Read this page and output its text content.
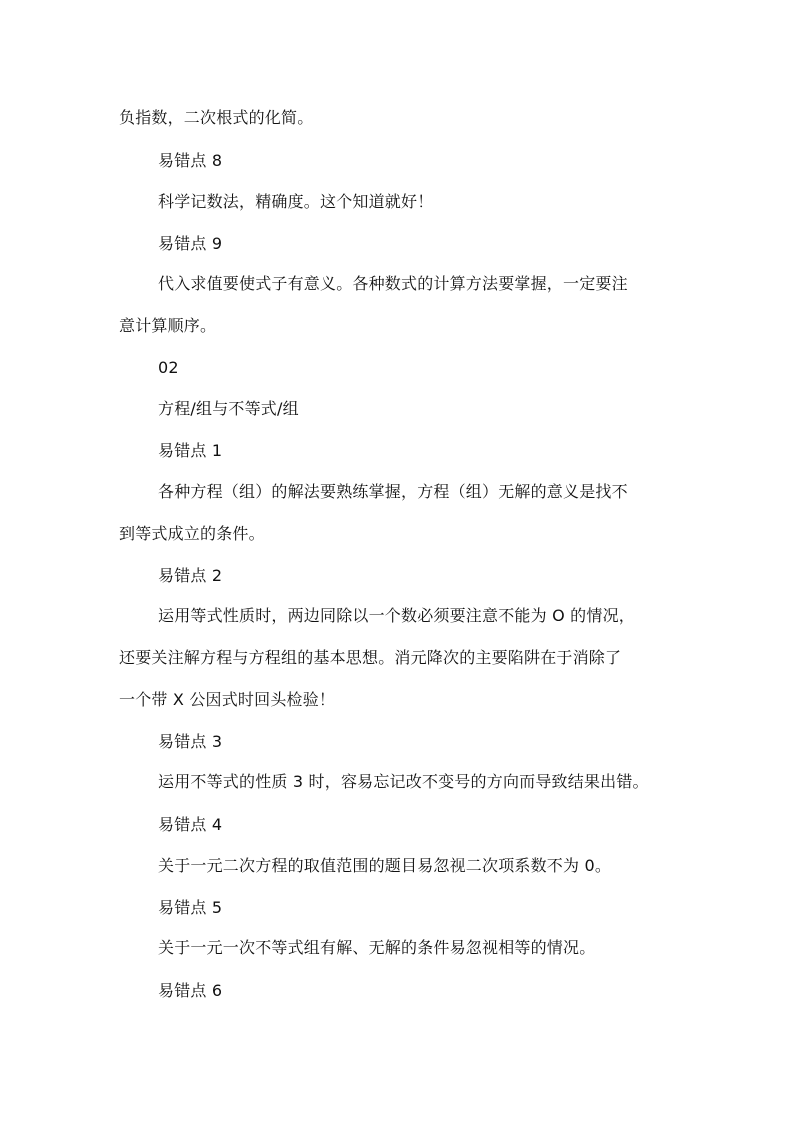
负指数，二次根式的化简。
易错点 8
科学记数法，精确度。这个知道就好！
易错点 9
代入求值要使式子有意义。各种数式的计算方法要掌握，一定要注
意计算顺序。
02
方程/组与不等式/组
易错点 1
各种方程（组）的解法要熟练掌握，方程（组）无解的意义是找不
到等式成立的条件。
易错点 2
运用等式性质时，两边同除以一个数必须要注意不能为 O 的情况，
还要关注解方程与方程组的基本思想。消元降次的主要陷阱在于消除了
一个带 X 公因式时回头检验！
易错点 3
运用不等式的性质 3 时，容易忘记改不变号的方向而导致结果出错。
易错点 4
关于一元二次方程的取值范围的题目易忽视二次项系数不为 0。
易错点 5
关于一元一次不等式组有解、无解的条件易忽视相等的情况。
易错点 6
